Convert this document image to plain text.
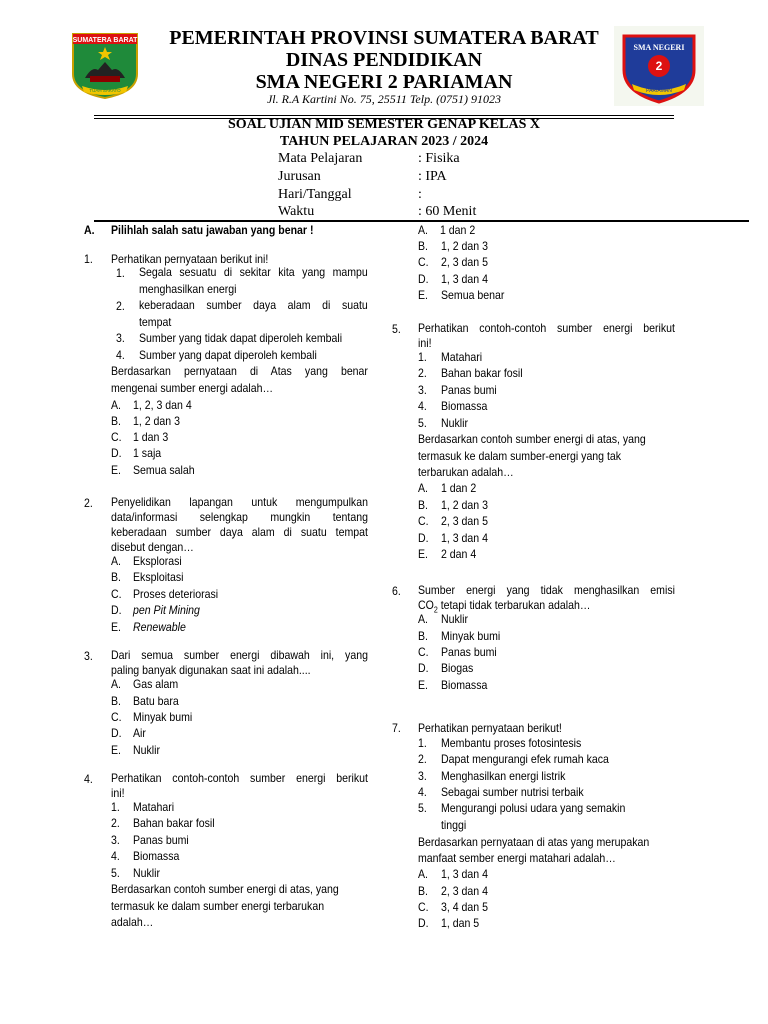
SUMATERA BARAT
TUAH SAKATO
SMA NEGERI
2
PARIAMAN
PEMERINTAH PROVINSI SUMATERA BARAT
DINAS PENDIDIKAN
SMA NEGERI 2 PARIAMAN
Jl. R.A Kartini No. 75, 25511 Telp. (0751) 91023
SOAL UJIAN MID SEMESTER GENAP KELAS X
TAHUN PELAJARAN 2023 / 2024
Mata Pelajaran	: Fisika
Jurusan	: IPA
Hari/Tanggal	:
Waktu	: 60 Menit
A. Pilihlah salah satu jawaban yang benar !
1. Perhatikan pernyataan berikut ini!
1. Segala sesuatu di sekitar kita yang mampu
menghasilkan energi
2. keberadaan sumber daya alam di suatu
tempat
3. Sumber yang tidak dapat diperoleh kembali
4. Sumber yang dapat diperoleh kembali
Berdasarkan pernyataan di Atas yang benar
mengenai sumber energi adalah…
A. 1, 2, 3 dan 4
B. 1, 2 dan 3
C. 1 dan 3
D. 1 saja
E. Semua salah
2. Penyelidikan lapangan untuk mengumpulkan
data/informasi selengkap mungkin tentang
keberadaan sumber daya alam di suatu tempat
disebut dengan…
A. Eksplorasi
B. Eksploitasi
C. Proses deteriorasi
D. pen Pit Mining
E. Renewable
3. Dari semua sumber energi dibawah ini, yang
paling banyak digunakan saat ini adalah....
A. Gas alam
B. Batu bara
C. Minyak bumi
D. Air
E. Nuklir
4. Perhatikan contoh-contoh sumber energi berikut
ini!
1. Matahari
2. Bahan bakar fosil
3. Panas bumi
4. Biomassa
5. Nuklir
Berdasarkan contoh sumber energi di atas, yang
termasuk ke dalam sumber energi terbarukan
adalah…
A. 1 dan 2
B. 1, 2 dan 3
C. 2, 3 dan 5
D. 1, 3 dan 4
E. Semua benar
5. Perhatikan contoh-contoh sumber energi berikut
ini!
1. Matahari
2. Bahan bakar fosil
3. Panas bumi
4. Biomassa
5. Nuklir
Berdasarkan contoh sumber energi di atas, yang
termasuk ke dalam sumber-energi yang tak
terbarukan adalah…
A. 1 dan 2
B. 1, 2 dan 3
C. 2, 3 dan 5
D. 1, 3 dan 4
E. 2 dan 4
6. Sumber energi yang tidak menghasilkan emisi
$CO_2$ tetapi tidak terbarukan adalah…
A. Nuklir
B. Minyak bumi
C. Panas bumi
D. Biogas
E. Biomassa
7. Perhatikan pernyataan berikut!
1. Membantu proses fotosintesis
2. Dapat mengurangi efek rumah kaca
3. Menghasilkan energi listrik
4. Sebagai sumber nutrisi terbaik
5. Mengurangi polusi udara yang semakin
tinggi
Berdasarkan pernyataan di atas yang merupakan
manfaat sember energi matahari adalah…
A. 1, 3 dan 4
B. 2, 3 dan 4
C. 3, 4 dan 5
D. 1, dan 5
